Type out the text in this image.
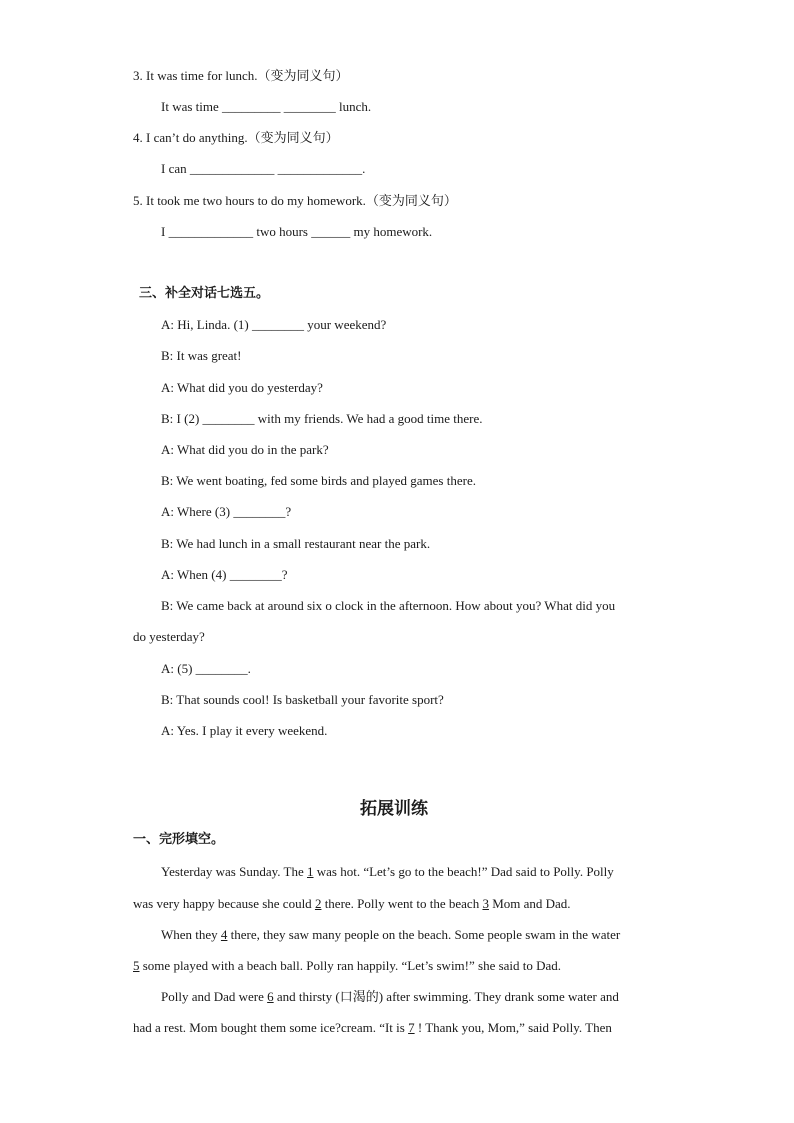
3. It was time for lunch.（变为同义句）
It was time _________ ________ lunch.
4. I can’t do anything.（变为同义句）
I can _____________ _____________.
5. It took me two hours to do my homework.（变为同义句）
I _____________ two hours ______ my homework.
三、补全对话七选五。
A: Hi, Linda. (1) ________ your weekend?
B: It was great!
A: What did you do yesterday?
B: I (2) ________ with my friends. We had a good time there.
A: What did you do in the park?
B: We went boating, fed some birds and played games there.
A: Where (3) ________?
B: We had lunch in a small restaurant near the park.
A: When (4) ________?
B: We came back at around six o clock in the afternoon. How about you? What did you
do yesterday?
A: (5) ________.
B: That sounds cool! Is basketball your favorite sport?
A: Yes. I play it every weekend.
拓展训练
一、完形填空。
Yesterday was Sunday. The 1 was hot. “Let’s go to the beach!” Dad said to Polly. Polly
was very happy because she could 2 there. Polly went to the beach 3 Mom and Dad.
When they 4 there, they saw many people on the beach. Some people swam in the water
5 some played with a beach ball. Polly ran happily. “Let’s swim!” she said to Dad.
Polly and Dad were 6 and thirsty (口渴的) after swimming. They drank some water and
had a rest. Mom bought them some ice?cream. “It is 7 ! Thank you, Mom,” said Polly. Then
